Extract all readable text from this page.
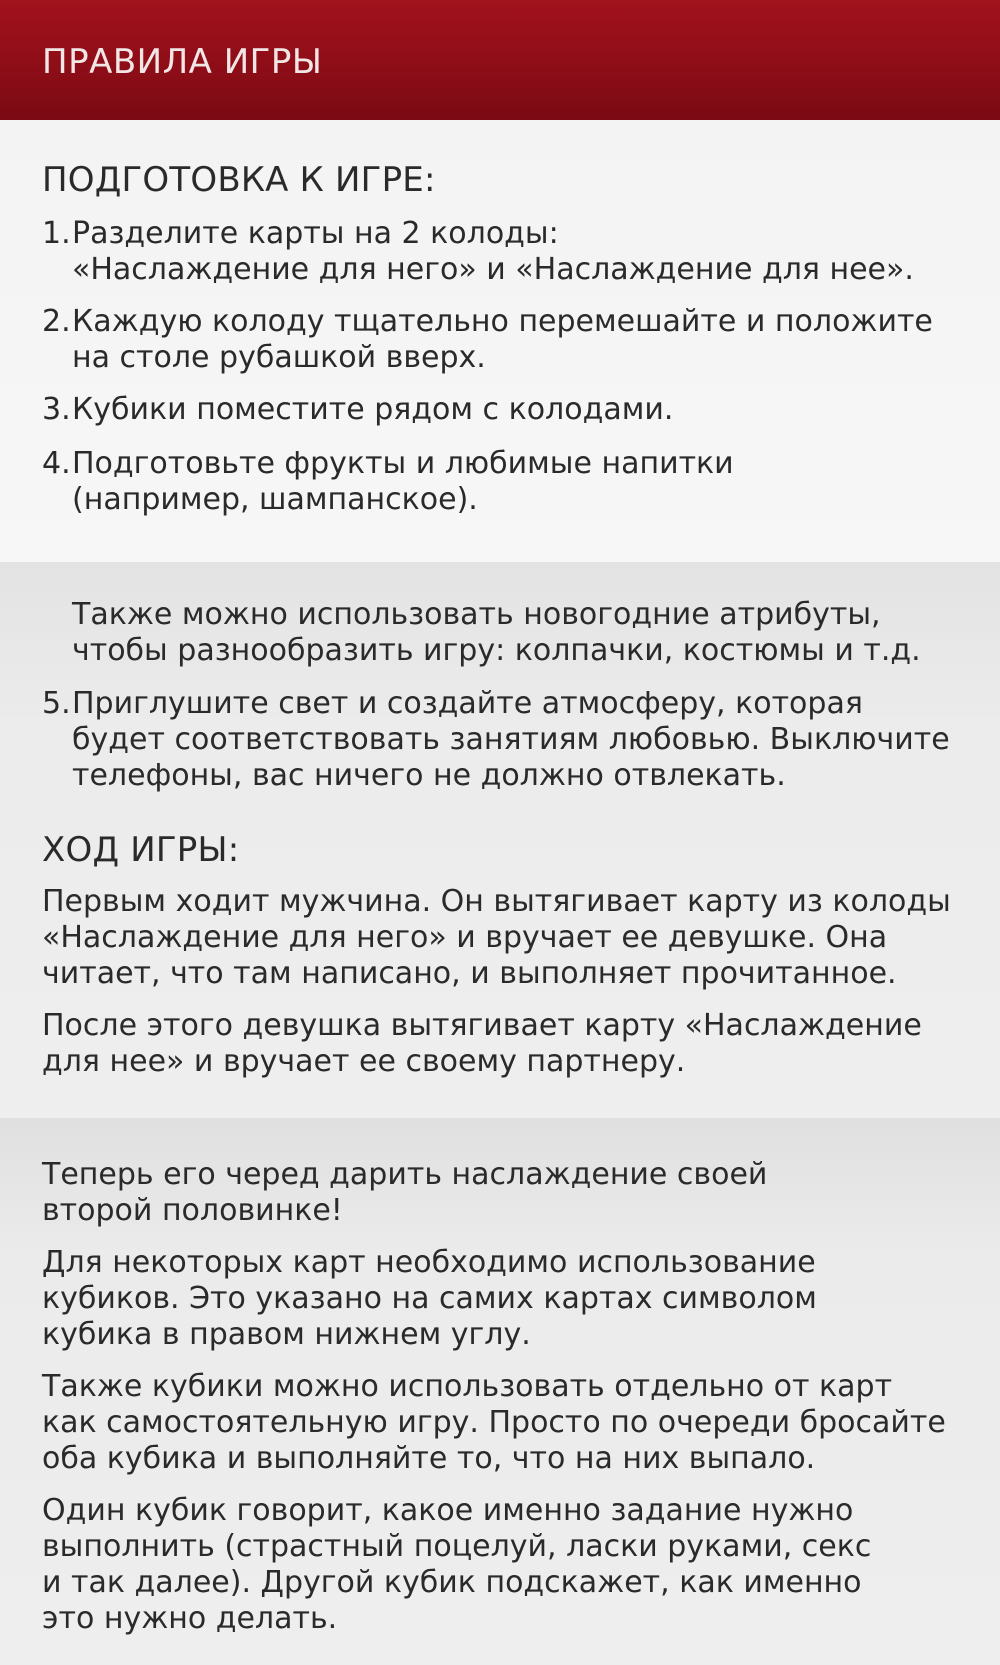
ПРАВИЛА ИГРЫ
ПОДГОТОВКА К ИГРЕ:
1. Разделите карты на 2 колоды:
«Наслаждение для него» и «Наслаждение для нее».
2. Каждую колоду тщательно перемешайте и положите
на столе рубашкой вверх.
3. Кубики поместите рядом с колодами.
4. Подготовьте фрукты и любимые напитки
(например, шампанское).

Также можно использовать новогодние атрибуты,
чтобы разнообразить игру: колпачки, костюмы и т.д.

5. Приглушите свет и создайте атмосферу, которая
будет соответствовать занятиям любовью. Выключите
телефоны, вас ничего не должно отвлекать.
ХОД ИГРЫ:

Первым ходит мужчина. Он вытягивает карту из колоды
«Наслаждение для него» и вручает ее девушке. Она
читает, что там написано, и выполняет прочитанное.

После этого девушка вытягивает карту «Наслаждение
для нее» и вручает ее своему партнеру.

Теперь его черед дарить наслаждение своей
второй половинке!

Для некоторых карт необходимо использование
кубиков. Это указано на самих картах символом
кубика в правом нижнем углу.

Также кубики можно использовать отдельно от карт
как самостоятельную игру. Просто по очереди бросайте
оба кубика и выполняйте то, что на них выпало.

Один кубик говорит, какое именно задание нужно
выполнить (страстный поцелуй, ласки руками, секс
и так далее). Другой кубик подскажет, как именно
это нужно делать.
